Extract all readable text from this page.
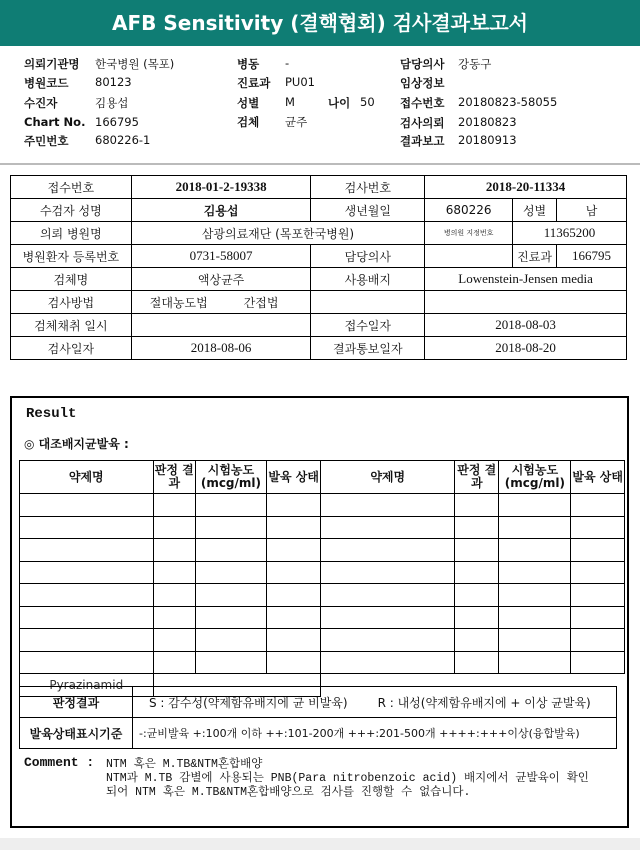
AFB Sensitivity (결핵협회) 검사결과보고서
의뢰기관명 한국병원 (목포)
병원코드 80123
수진자	김용섭
Chart No. 166795
주민번호 680226-1
병동 -
진료과 PU01
성별 M	나이 50
검체 균주
담당의사 강동구
임상정보
접수번호 20180823-58055
검사의뢰 20180823
결과보고 20180913
접수번호	2018-01-2-19338	검사번호	2018-20-11334		
수검자 성명	김용섭	생년월일	680226	성별	남
의뢰 병원명	삼광의료재단 (목포한국병원)		병의원 지정번호	11365200	
병원환자 등록번호	0731-58007	담당의사		진료과	166795
검체명	액상균주	사용배지	Lowenstein-Jensen media		
검사방법	절대농도법 간접법				
검체채취 일시		접수일자	2018-08-03		
검사일자	2018-08-06	결과통보일자	2018-08-20		
Result
◎ 대조배지균발육 :
약제명	판정 결과	시험농도 (mcg/ml)	발육 상태	약제명	판정 결과	시험농도 (mcg/ml)	발육 상태

Pyrazinamid							
판정결과	S : 감수성(약제함유배지에 균 비발육) R : 내성(약제함유배지에 + 이상 균발육)
발육상태표시기준	-:균비발육 +:100개 이하 ++:101-200개 +++:201-500개 ++++:+++이상(융합발육)
Comment : NTM 혹은 M.TB&NTM혼합배양
NTM과 M.TB 감별에 사용되는 PNB(Para nitrobenzoic acid) 배지에서 균발육이 확인
되어 NTM 혹은 M.TB&NTM혼합배양으로 검사를 진행할 수 없습니다.
